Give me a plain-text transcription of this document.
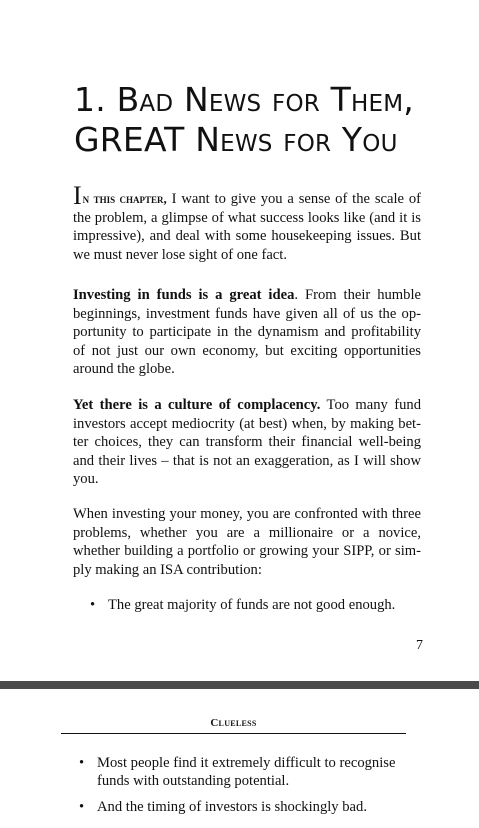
1. Bad News for Them,
GREAT News for You

In this chapter, I want to give you a sense of the scale of the problem, a glimpse of what success looks like (and it is impressive), and deal with some housekeeping issues. But we must never lose sight of one fact.

Investing in funds is a great idea. From their humble beginnings, investment funds have given all of us the opportunity to participate in the dynamism and profitability of not just our own economy, but exciting opportunities around the globe.

Yet there is a culture of complacency. Too many fund investors accept mediocrity (at best) when, by making better choices, they can transform their financial well-being and their lives – that is not an exaggeration, as I will show you.

When investing your money, you are confronted with three problems, whether you are a millionaire or a novice, whether building a portfolio or growing your SIPP, or simply making an ISA contribution:

• The great majority of funds are not good enough.
7
Clueless
• Most people find it extremely difficult to recognise funds with outstanding potential.
• And the timing of investors is shockingly bad.
